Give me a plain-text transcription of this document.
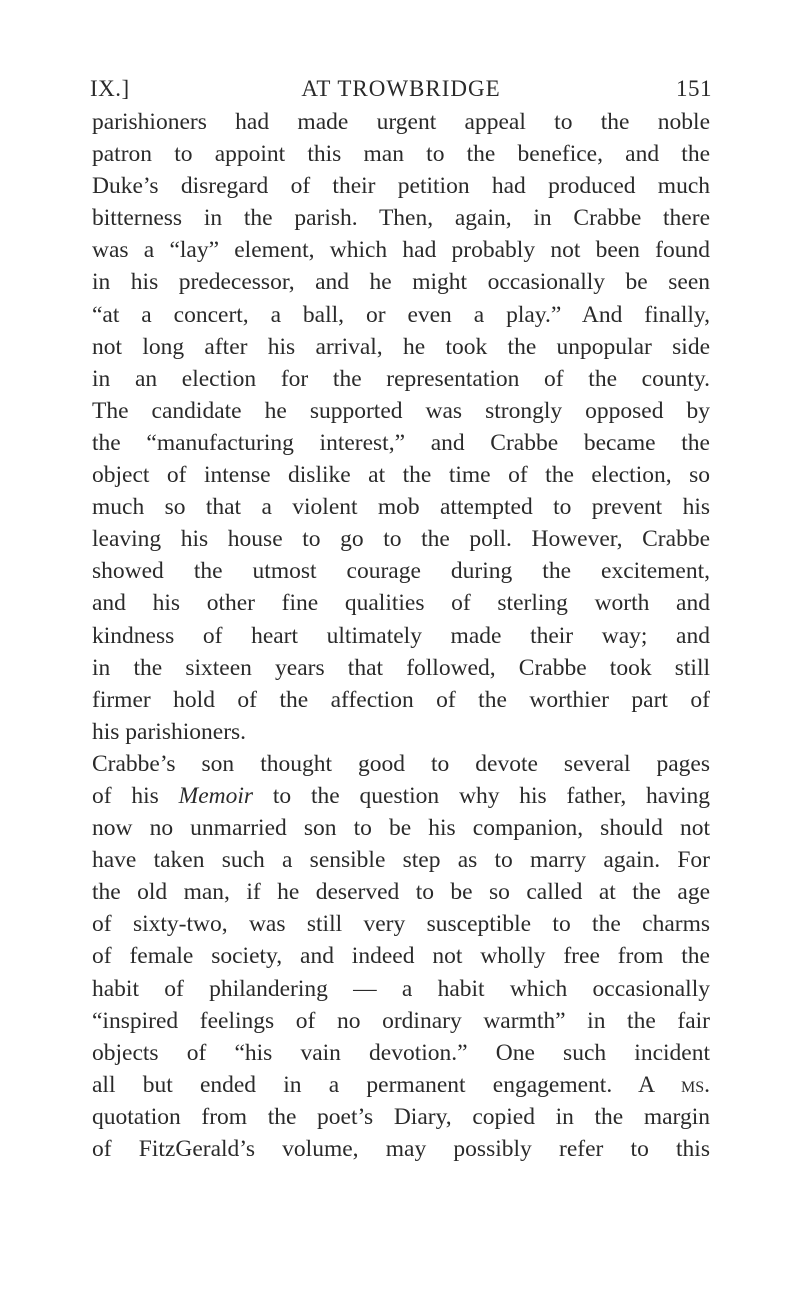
IX.]	AT TROWBRIDGE	151
parishioners had made urgent appeal to the noble
patron to appoint this man to the benefice, and the
Duke’s disregard of their petition had produced much
bitterness in the parish. Then, again, in Crabbe there
was a “lay” element, which had probably not been found
in his predecessor, and he might occasionally be seen
“at a concert, a ball, or even a play.” And finally,
not long after his arrival, he took the unpopular side
in an election for the representation of the county.
The candidate he supported was strongly opposed by
the “manufacturing interest,” and Crabbe became the
object of intense dislike at the time of the election, so
much so that a violent mob attempted to prevent his
leaving his house to go to the poll. However, Crabbe
showed the utmost courage during the excitement,
and his other fine qualities of sterling worth and
kindness of heart ultimately made their way; and
in the sixteen years that followed, Crabbe took still
firmer hold of the affection of the worthier part of
his parishioners.
Crabbe’s son thought good to devote several pages
of his Memoir to the question why his father, having
now no unmarried son to be his companion, should not
have taken such a sensible step as to marry again. For
the old man, if he deserved to be so called at the age
of sixty-two, was still very susceptible to the charms
of female society, and indeed not wholly free from the
habit of philandering — a habit which occasionally
“inspired feelings of no ordinary warmth” in the fair
objects of “his vain devotion.” One such incident
all but ended in a permanent engagement. A ms.
quotation from the poet’s Diary, copied in the margin
of FitzGerald’s volume, may possibly refer to this
